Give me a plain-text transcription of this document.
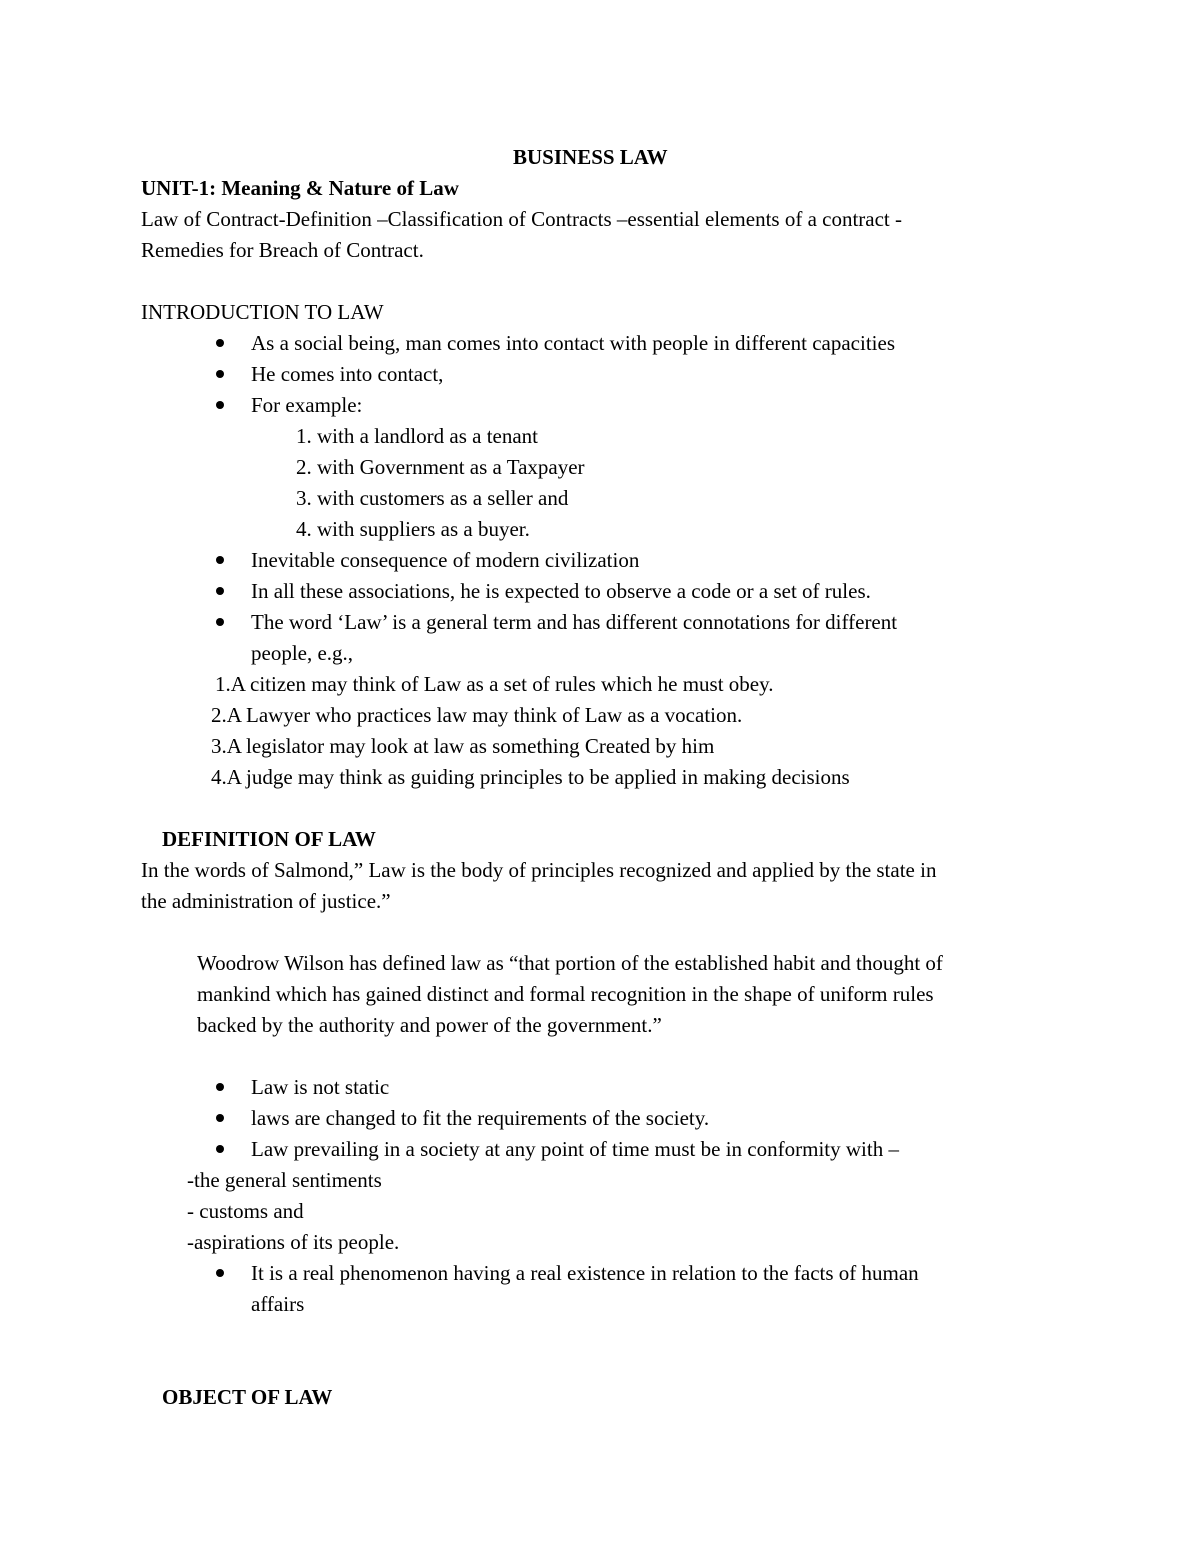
BUSINESS LAW
UNIT-1: Meaning & Nature of Law
Law of Contract-Definition –Classification of Contracts –essential elements of a contract -
Remedies for Breach of Contract.
INTRODUCTION TO LAW
As a social being, man comes into contact with people in different capacities
He comes into contact,
For example:
1. with a landlord as a tenant
2. with Government as a Taxpayer
3. with customers as a seller and
4. with suppliers as a buyer.
Inevitable consequence of modern civilization
In all these associations, he is expected to observe a code or a set of rules.
The word ‘Law’ is a general term and has different connotations for different
people, e.g.,
1.A citizen may think of Law as a set of rules which he must obey.
2.A Lawyer who practices law may think of Law as a vocation.
3.A legislator may look at law as something Created by him
4.A judge may think as guiding principles to be applied in making decisions
DEFINITION OF LAW
In the words of Salmond,” Law is the body of principles recognized and applied by the state in
the administration of justice.”
Woodrow Wilson has defined law as “that portion of the established habit and thought of
mankind which has gained distinct and formal recognition in the shape of uniform rules
backed by the authority and power of the government.”
Law is not static
laws are changed to fit the requirements of the society.
Law prevailing in a society at any point of time must be in conformity with –
-the general sentiments
- customs and
-aspirations of its people.
It is a real phenomenon having a real existence in relation to the facts of human
affairs
OBJECT OF LAW
